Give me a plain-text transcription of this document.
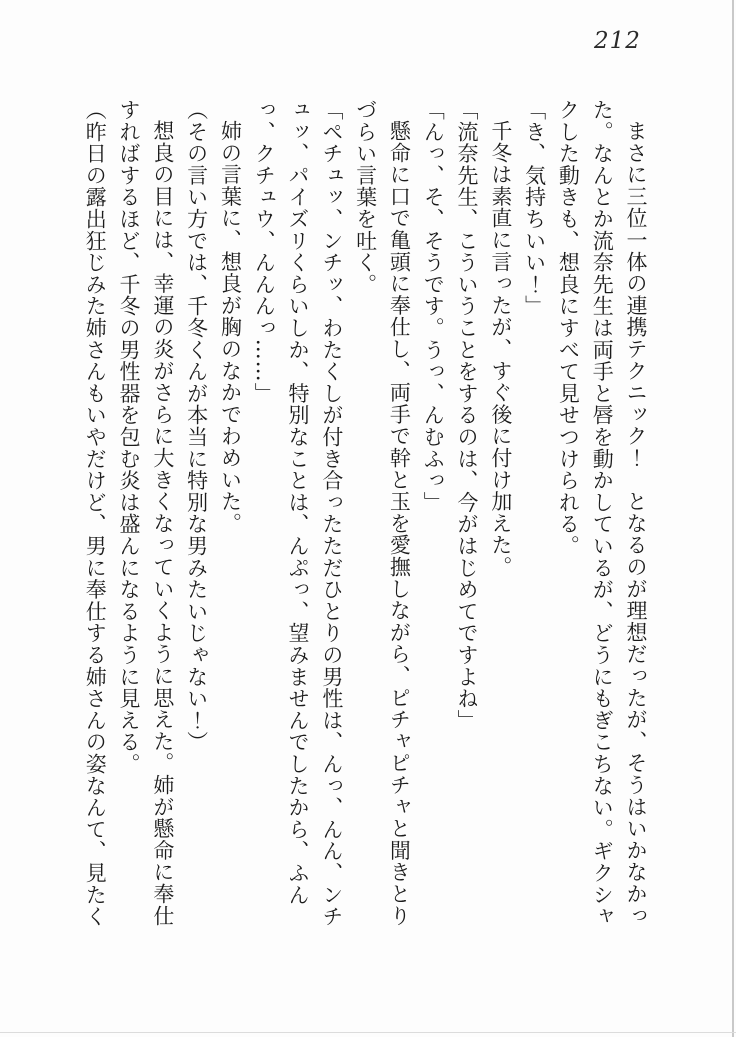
212

まさに三位一体の連携テクニック！　となるのが理想だったが、そうはいかなかった。なんとか流奈先生は両手と唇を動かしているが、どうにもぎこちない。ギクシャクした動きも、想良にすべて見せつけられる。

「き、気持ちいい！」

千冬は素直に言ったが、すぐ後に付け加えた。

「流奈先生、こういうことをするのは、今がはじめてですよね」

「んっ、そ、そうです。うっ、んむふっ」

懸命に口で亀頭に奉仕し、両手で幹と玉を愛撫しながら、ピチャピチャと聞きとりづらい言葉を吐く。

「ペチュッ、ンチッ、わたくしが付き合ったただひとりの男性は、んっ、んん、ンチュッ、パイズリくらいしか、特別なことは、んぷっ、望みませんでしたから、ふんっ、クチュウ、んんんっ……」

姉の言葉に、想良が胸のなかでわめいた。

（その言い方では、千冬くんが本当に特別な男みたいじゃない！）

想良の目には、幸運の炎がさらに大きくなっていくように思えた。姉が懸命に奉仕すればするほど、千冬の男性器を包む炎は盛んになるように見える。

（昨日の露出狂じみた姉さんもいやだけど、男に奉仕する姉さんの姿なんて、見たく
